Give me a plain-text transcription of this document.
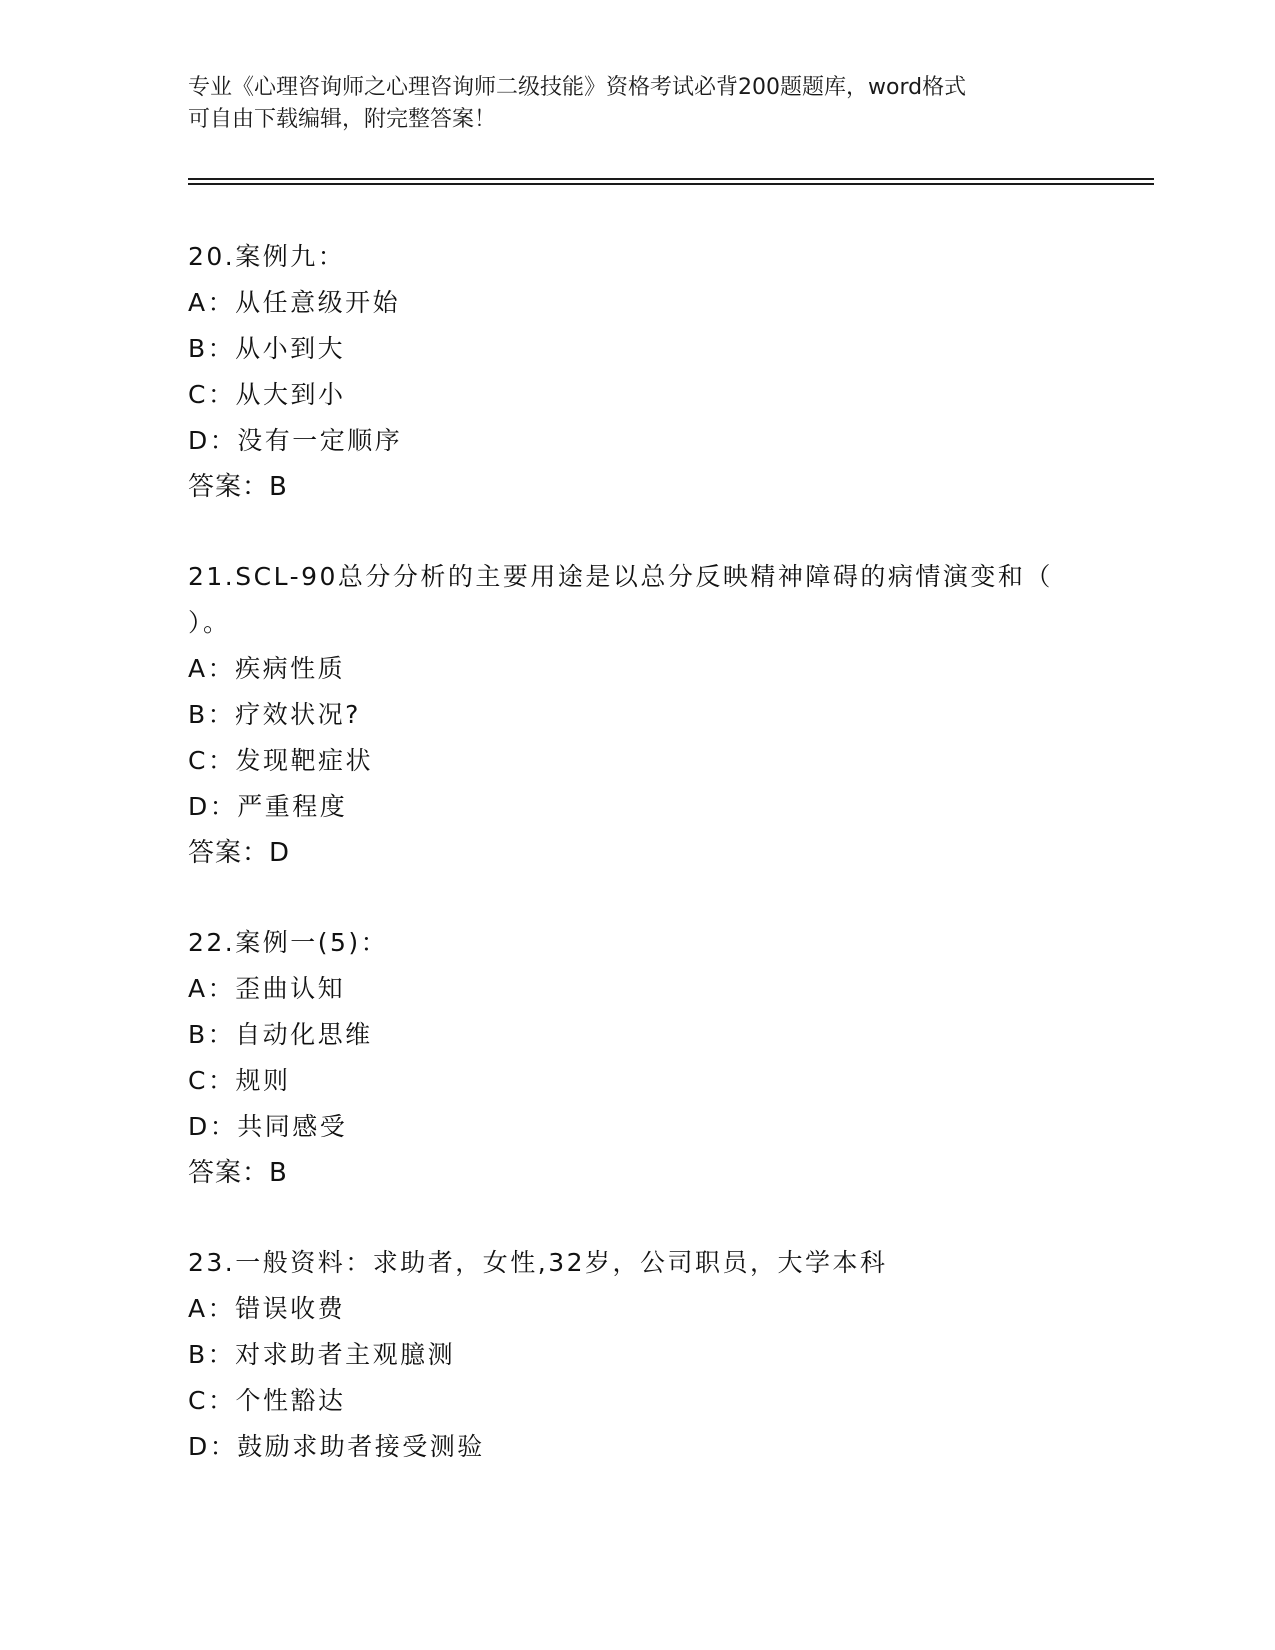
专业《心理咨询师之心理咨询师二级技能》资格考试必背200题题库，word格式
可自由下载编辑，附完整答案！
20.案例九：
A：从任意级开始
B：从小到大
C：从大到小
D：没有一定顺序
答案：B
21.SCL-90总分分析的主要用途是以总分反映精神障碍的病情演变和（
）。
A：疾病性质
B：疗效状况?
C：发现靶症状
D：严重程度
答案：D
22.案例一(5)：
A：歪曲认知
B：自动化思维
C：规则
D：共同感受
答案：B
23.一般资料：求助者，女性,32岁，公司职员，大学本科
A：错误收费
B：对求助者主观臆测
C：个性豁达
D：鼓励求助者接受测验
